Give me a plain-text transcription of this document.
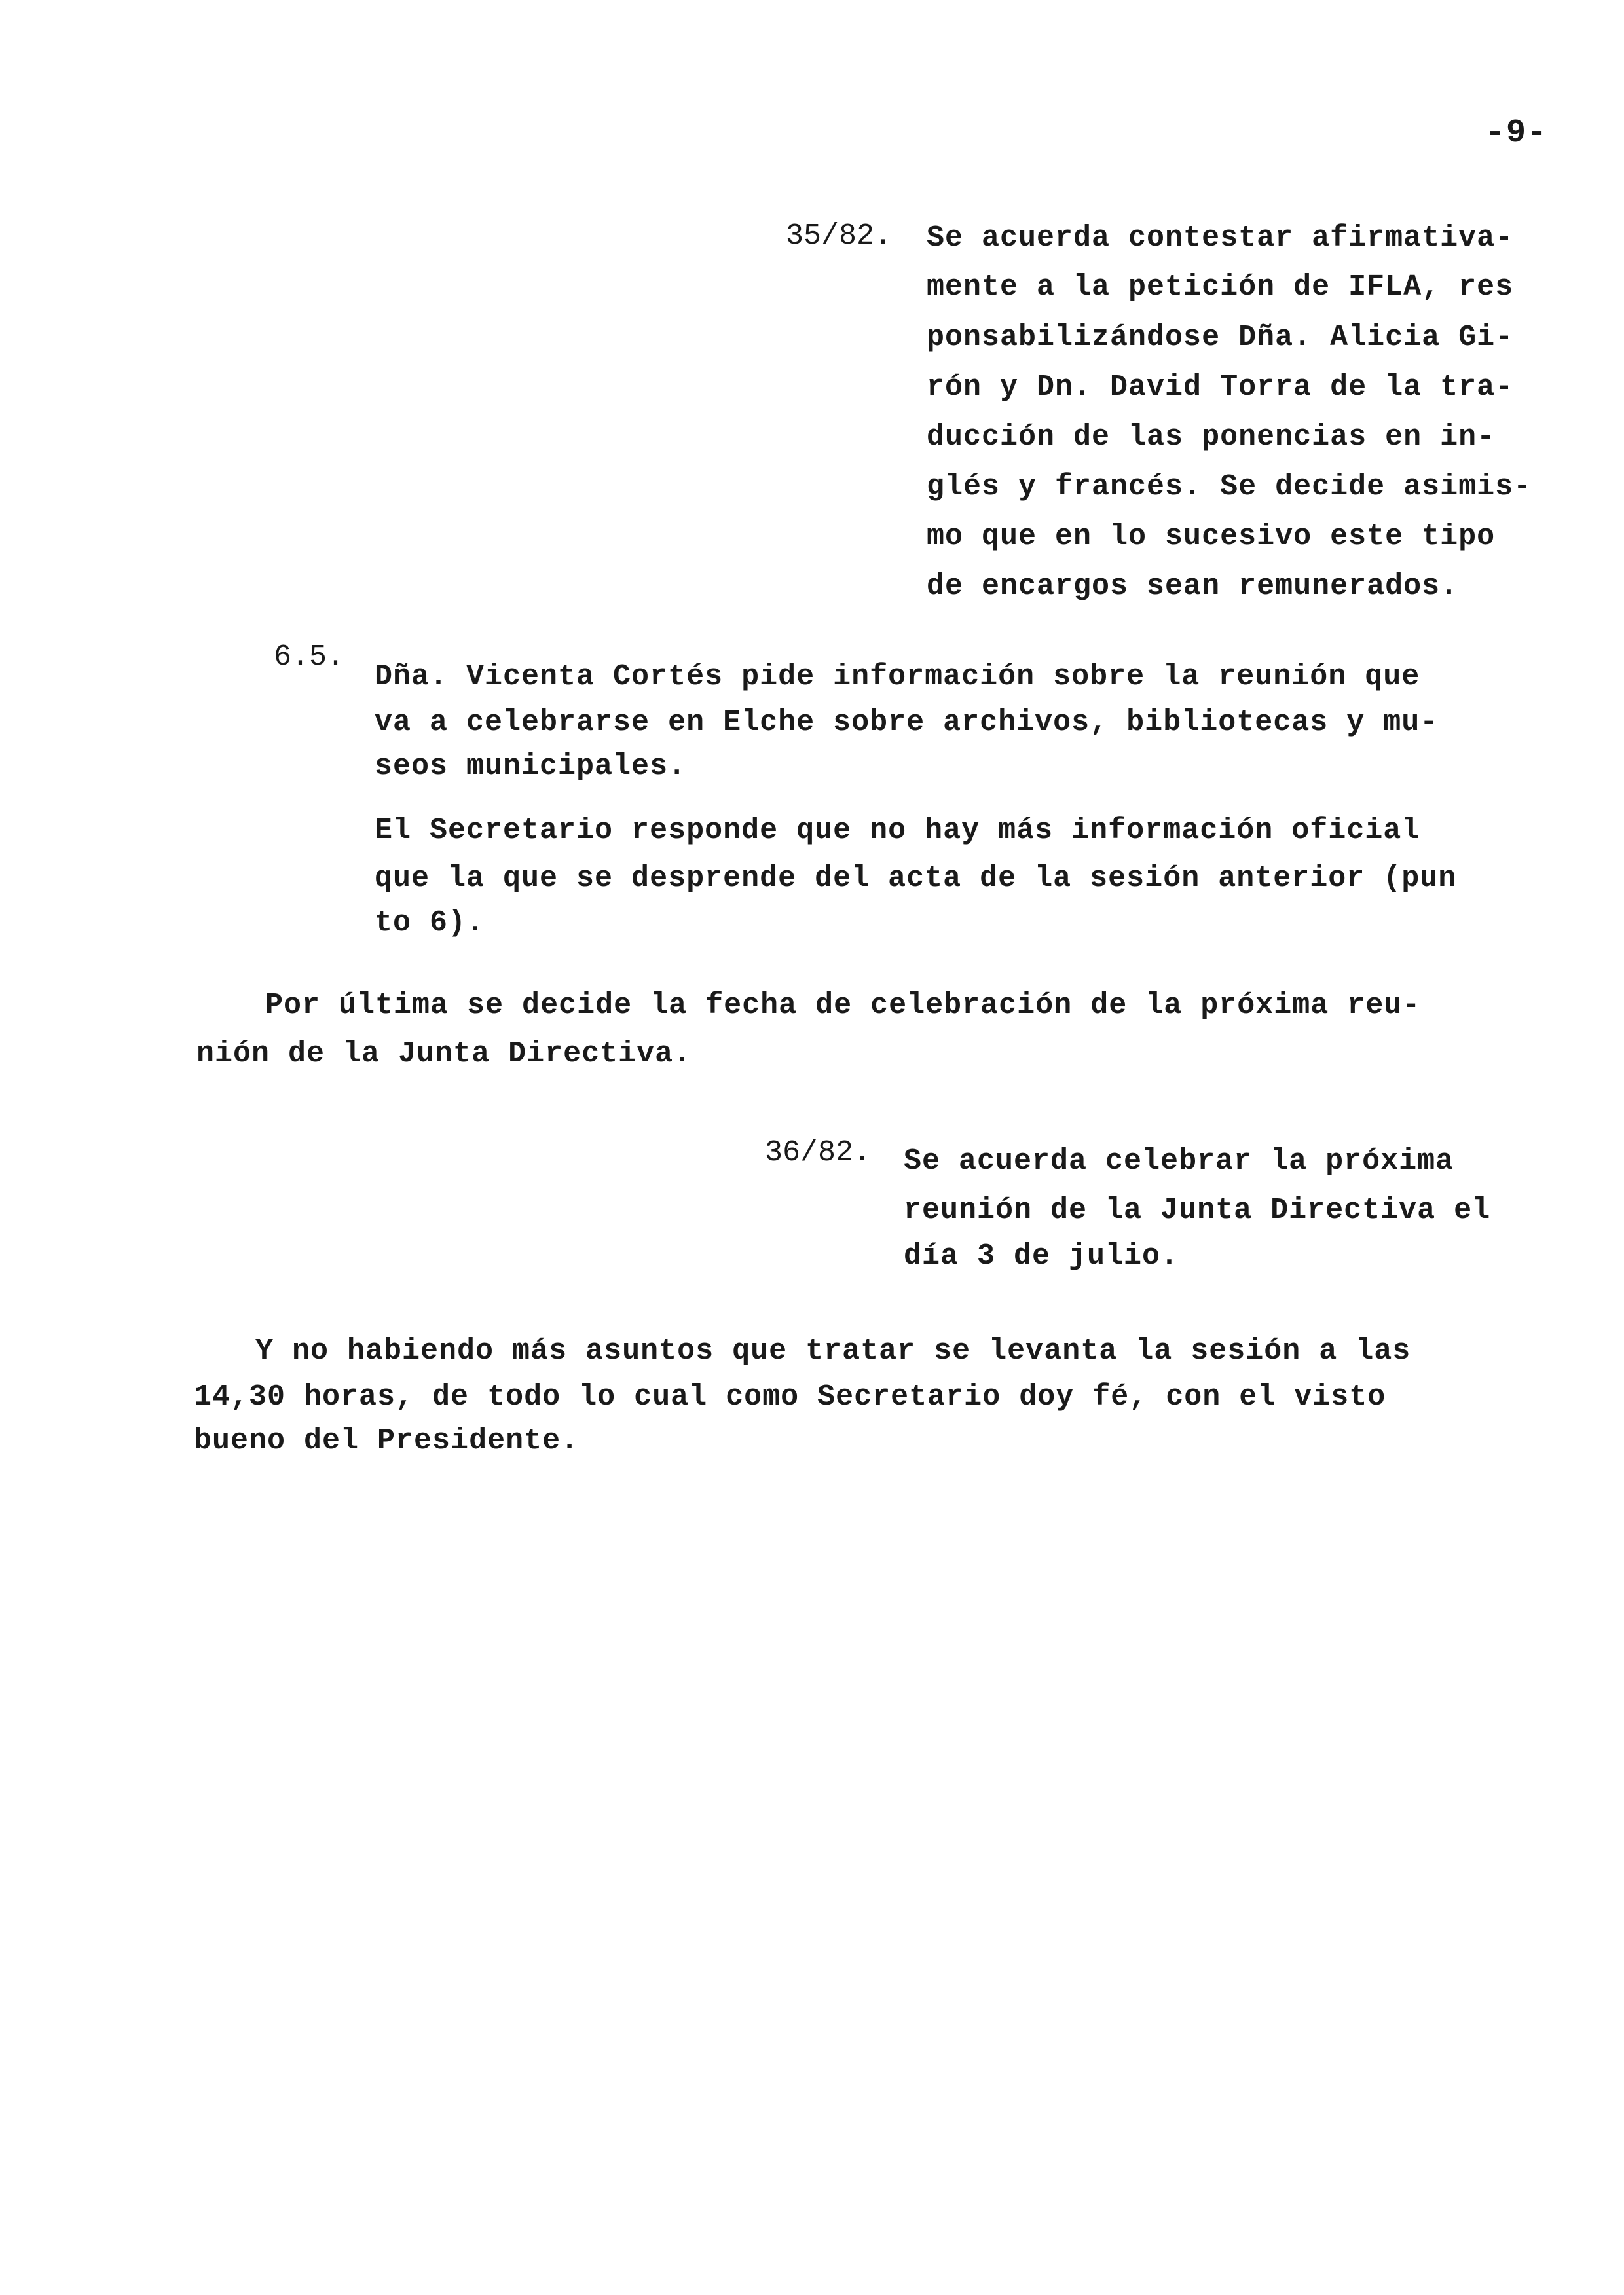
-9-
35/82. Se acuerda contestar afirmativa-
mente a la petición de IFLA, res
ponsabilizándose Dña. Alicia Gi-
rón y Dn. David Torra de la tra-
ducción de las ponencias en in-
glés y francés. Se decide asimis-
mo que en lo sucesivo este tipo
de encargos sean remunerados.
6.5.
Dña. Vicenta Cortés pide información sobre la reunión que
va a celebrarse en Elche sobre archivos, bibliotecas y mu-
seos municipales.
El Secretario responde que no hay más información oficial
que la que se desprende del acta de la sesión anterior (pun
to 6).
Por última se decide la fecha de celebración de la próxima reu-
nión de la Junta Directiva.
36/82. Se acuerda celebrar la próxima
reunión de la Junta Directiva el
día 3 de julio.
Y no habiendo más asuntos que tratar se levanta la sesión a las
14,30 horas, de todo lo cual como Secretario doy fé, con el visto
bueno del Presidente.
